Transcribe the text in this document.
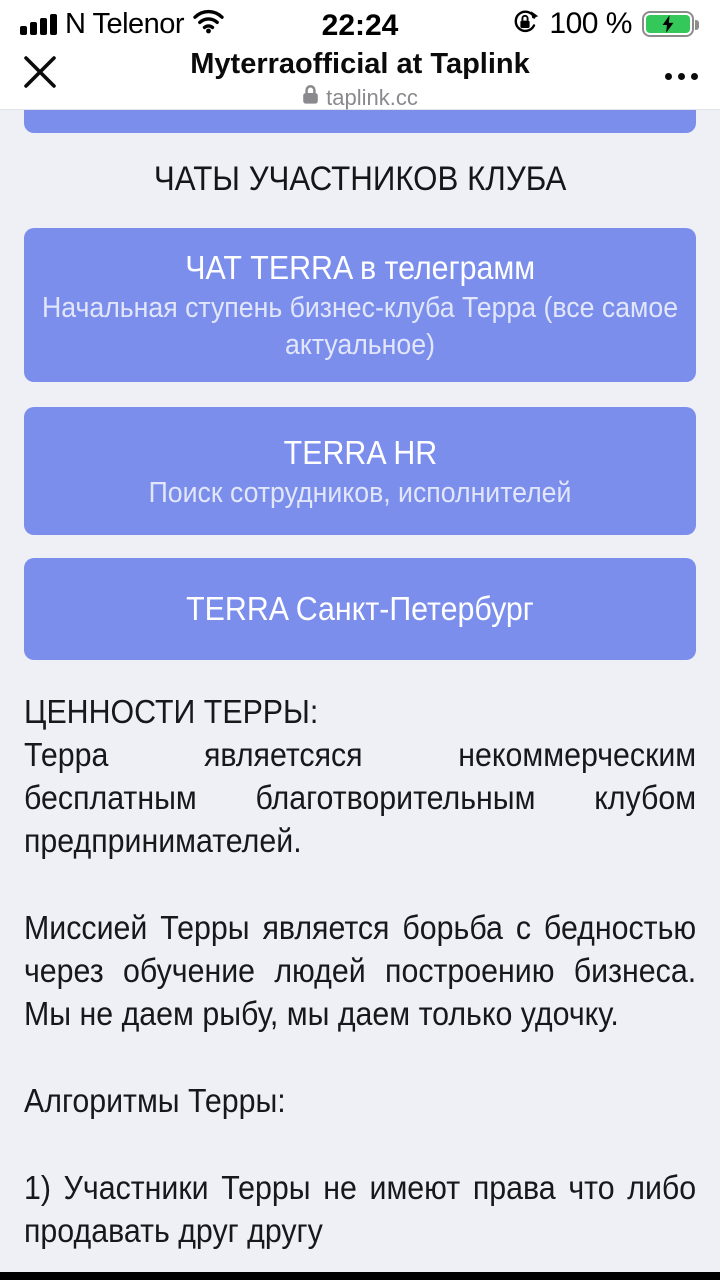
N Telenor	22:24	100 %
Myterraofficial at Taplink
taplink.cc
ЧАТЫ УЧАСТНИКОВ КЛУБА
ЧАТ TERRA в телеграмм
Начальная ступень бизнес-клуба Терра (все самое актуальное)
TERRA HR
Поиск сотрудников, исполнителей
TERRA Санкт-Петербург
ЦЕННОСТИ ТЕРРЫ:
Терра являетсяся некоммерческим бесплатным благотворительным клубом предпринимателей.
Миссией Терры является борьба с бедностью через обучение людей построению бизнеса. Мы не даем рыбу, мы даем только удочку.
Алгоритмы Терры:
1) Участники Терры не имеют права что либо продавать друг другу
